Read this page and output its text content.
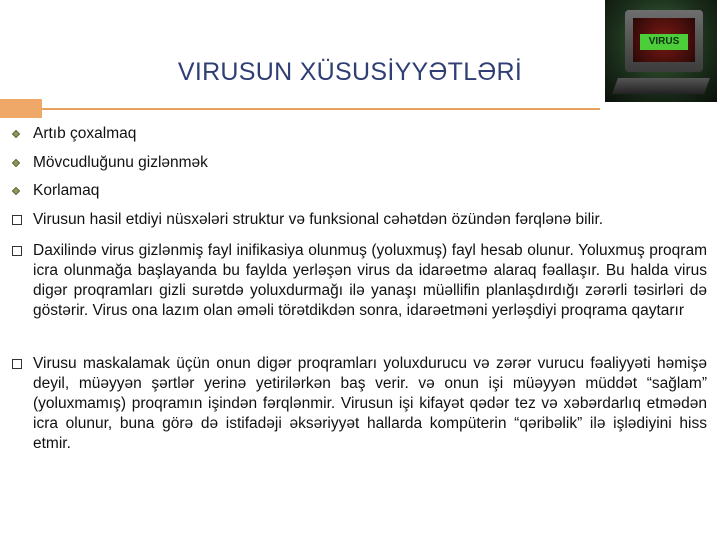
VIRUSUN XÜSUSİYYƏTLƏRİ
VIRUS
Artıb çoxalmaq
Mövcudluğunu gizlənmək
Korlamaq
Virusun hasil etdiyi nüsxələri struktur və funksional cəhətdən özündən fərqlənə bilir.
Daxilində virus gizlənmiş fayl inifikasiya olunmuş (yoluxmuş) fayl hesab olunur. Yoluxmuş proqram icra olunmağa başlayanda bu faylda yerləşən virus da idarəetmə alaraq fəallaşır. Bu halda virus digər proqramları gizli surətdə yoluxdurmağı ilə yanaşı müəllifin planlaşdırdığı zərərli təsirləri də göstərir. Virus ona lazım olan əməli törətdikdən sonra, idarəetməni yerləşdiyi proqrama qaytarır
Virusu maskalamak üçün onun digər proqramları yoluxdurucu və zərər vurucu fəaliyyəti həmişə deyil, müəyyən şərtlər yerinə yetirilərkən baş verir. və onun işi müəyyən müddət “sağlam” (yoluxmamış) proqramın işindən fərqlənmir. Virusun işi kifayət qədər tez və xəbərdarlıq etmədən icra olunur, buna görə də istifadəji əksəriyyət hallarda kompüterin “qəribəlik” ilə işlədiyini hiss etmir.
